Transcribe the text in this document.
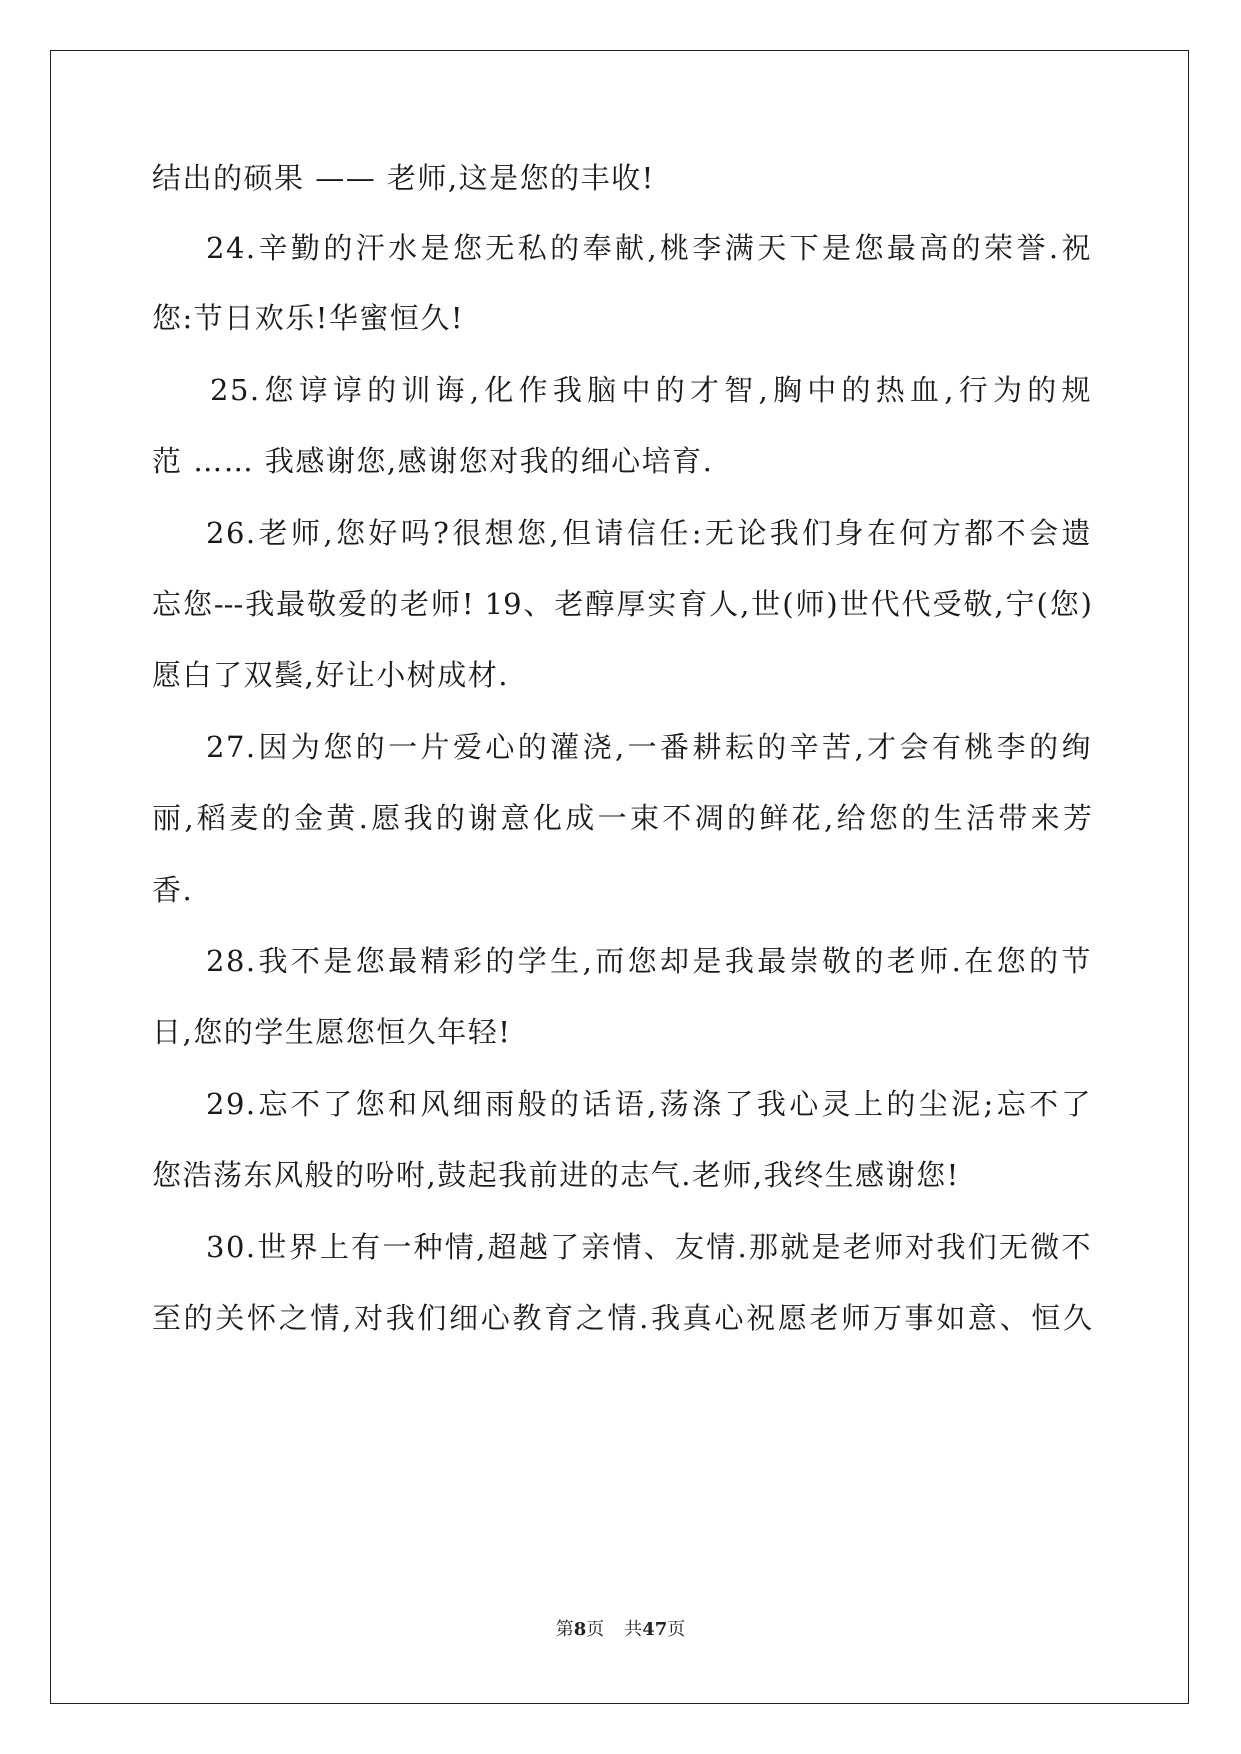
结出的硕果 —— 老师,这是您的丰收!
24.辛勤的汗水是您无私的奉献,桃李满天下是您最高的荣誉.祝
您:节日欢乐!华蜜恒久!
25.您谆谆的训诲,化作我脑中的才智,胸中的热血,行为的规
范 …… 我感谢您,感谢您对我的细心培育.
26.老师,您好吗?很想您,但请信任:无论我们身在何方都不会遗
忘您---我最敬爱的老师! 19、老醇厚实育人,世(师)世代代受敬,宁(您)
愿白了双鬓,好让小树成材.
27.因为您的一片爱心的灌浇,一番耕耘的辛苦,才会有桃李的绚
丽,稻麦的金黄.愿我的谢意化成一束不凋的鲜花,给您的生活带来芳
香.
28.我不是您最精彩的学生,而您却是我最崇敬的老师.在您的节
日,您的学生愿您恒久年轻!
29.忘不了您和风细雨般的话语,荡涤了我心灵上的尘泥;忘不了
您浩荡东风般的吩咐,鼓起我前进的志气.老师,我终生感谢您!
30.世界上有一种情,超越了亲情、友情.那就是老师对我们无微不
至的关怀之情,对我们细心教育之情.我真心祝愿老师万事如意、恒久
第8页 共47页
